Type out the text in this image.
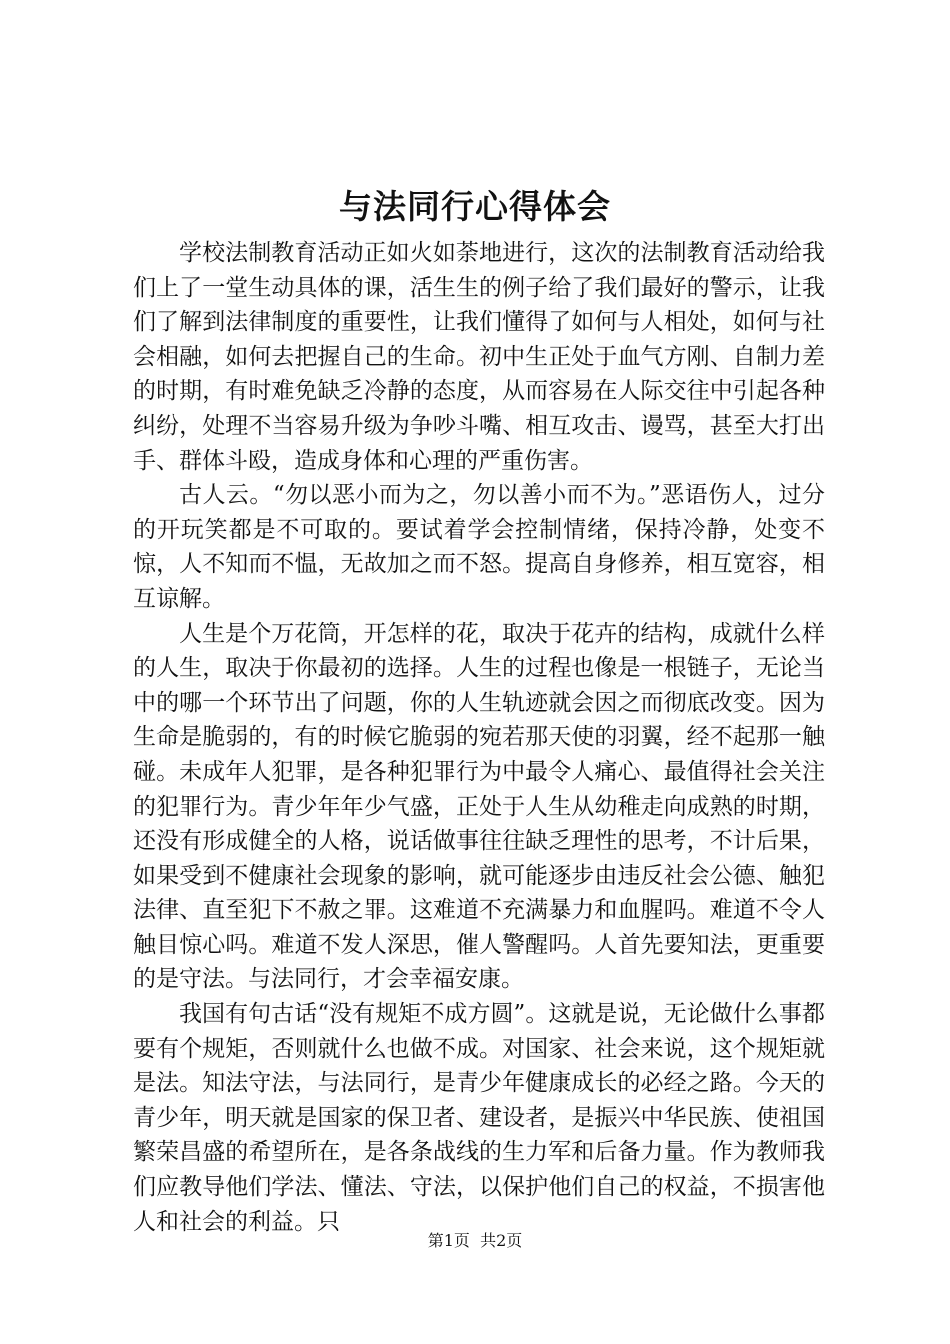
与法同行心得体会

学校法制教育活动正如火如荼地进行，这次的法制教育活动给我们上了一堂生动具体的课，活生生的例子给了我们最好的警示，让我们了解到法律制度的重要性，让我们懂得了如何与人相处，如何与社会相融，如何去把握自己的生命。初中生正处于血气方刚、自制力差的时期，有时难免缺乏冷静的态度，从而容易在人际交往中引起各种纠纷，处理不当容易升级为争吵斗嘴、相互攻击、谩骂，甚至大打出手、群体斗殴，造成身体和心理的严重伤害。

古人云。“勿以恶小而为之，勿以善小而不为。”恶语伤人，过分的开玩笑都是不可取的。要试着学会控制情绪，保持冷静，处变不惊，人不知而不愠，无故加之而不怒。提高自身修养，相互宽容，相互谅解。

人生是个万花筒，开怎样的花，取决于花卉的结构，成就什么样的人生，取决于你最初的选择。人生的过程也像是一根链子，无论当中的哪一个环节出了问题，你的人生轨迹就会因之而彻底改变。因为生命是脆弱的，有的时候它脆弱的宛若那天使的羽翼，经不起那一触碰。未成年人犯罪，是各种犯罪行为中最令人痛心、最值得社会关注的犯罪行为。青少年年少气盛，正处于人生从幼稚走向成熟的时期，还没有形成健全的人格，说话做事往往缺乏理性的思考，不计后果，如果受到不健康社会现象的影响，就可能逐步由违反社会公德、触犯法律、直至犯下不赦之罪。这难道不充满暴力和血腥吗。难道不令人触目惊心吗。难道不发人深思，催人警醒吗。人首先要知法，更重要的是守法。与法同行，才会幸福安康。

我国有句古话“没有规矩不成方圆”。这就是说，无论做什么事都要有个规矩，否则就什么也做不成。对国家、社会来说，这个规矩就是法。知法守法，与法同行，是青少年健康成长的必经之路。今天的青少年，明天就是国家的保卫者、建设者，是振兴中华民族、使祖国繁荣昌盛的希望所在，是各条战线的生力军和后备力量。作为教师我们应教导他们学法、懂法、守法，以保护他们自己的权益，不损害他人和社会的利益。只

第1页  共2页
